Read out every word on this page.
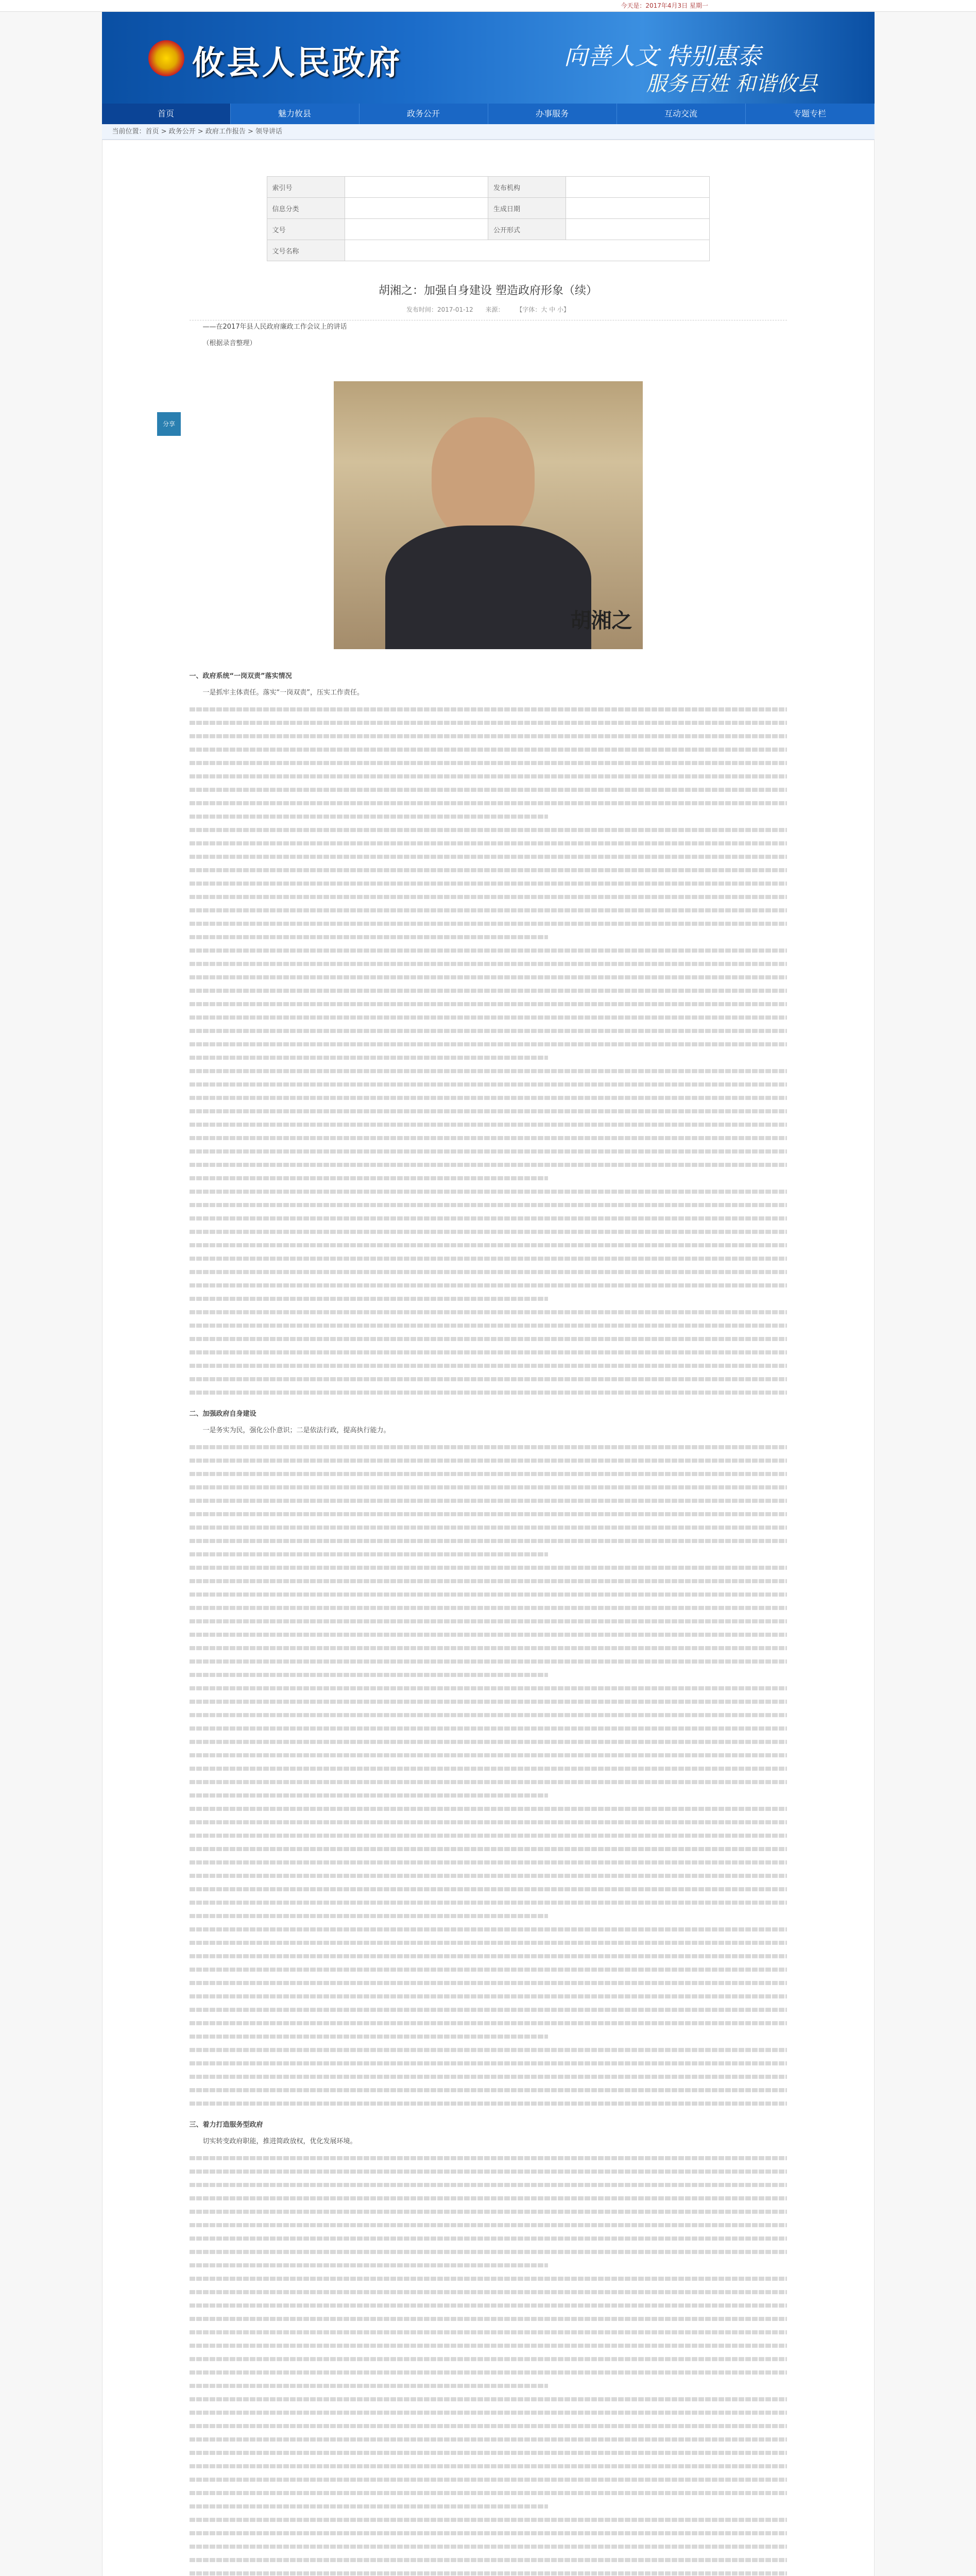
今天是：2017年4月3日 星期一
攸县人民政府	向善人文 特别惠泰
服务百姓 和谐攸县
首页	魅力攸县	政务公开	办事服务	互动交流	专题专栏
当前位置：首页 > 政务公开 > 政府工作报告 > 领导讲话
分享
索引号		发布机构	
信息分类		生成日期	
文号		公开形式	
文号名称			
胡湘之：加强自身建设 塑造政府形象（续）
发布时间：2017-01-12 来源： 【字体：大 中 小】

——在2017年县人民政府廉政工作会议上的讲话

（根据录音整理）

胡湘之

一、政府系统“一岗双责”落实情况

一是抓牢主体责任。落实“一岗双责”，压实工作责任。

二、加强政府自身建设

一是务实为民，强化公仆意识；二是依法行政，提高执行能力。

三、着力打造服务型政府

切实转变政府职能，推进简政放权，优化发展环境。
